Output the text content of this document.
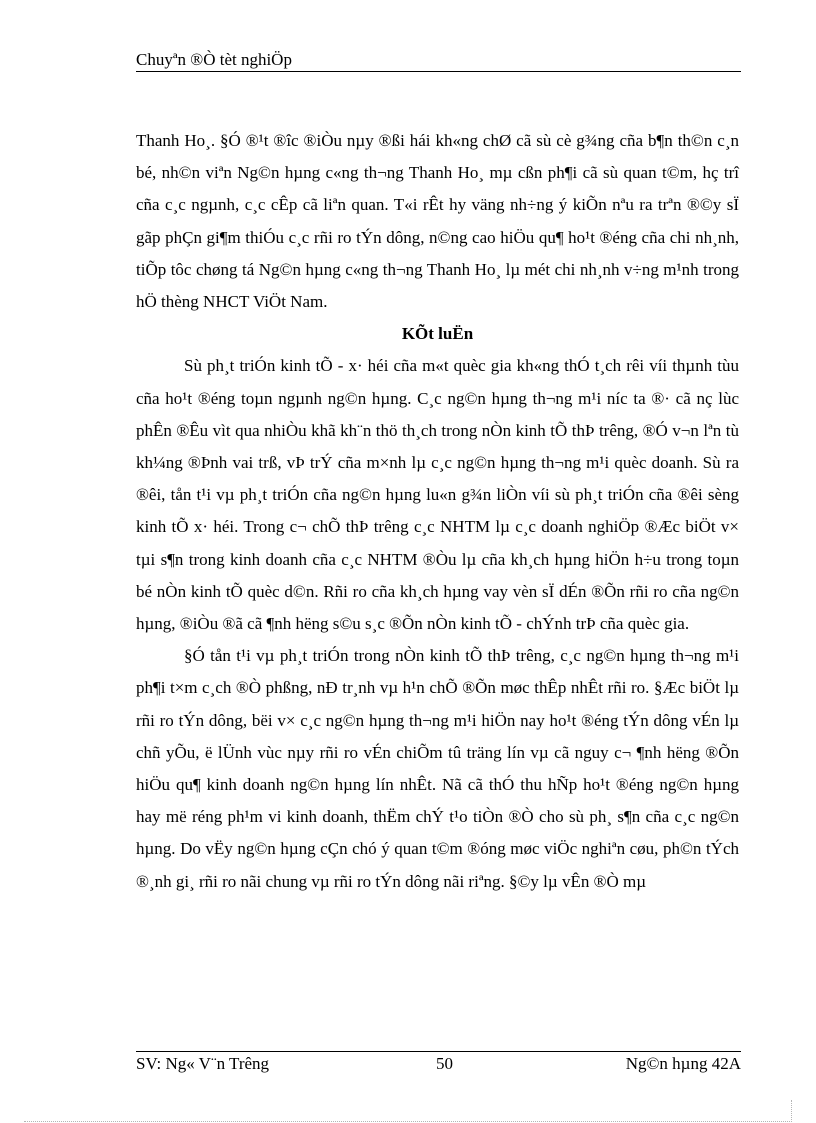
Chuyªn ®Ò tèt nghiÖp

Thanh Ho¸. §Ó ®¹t ®îc ®iÒu nµy ®ßi hái kh«ng chØ cã sù cè g¾ng cña b¶n th©n c¸n bé, nh©n viªn Ng©n hµng c«ng th¬ng Thanh Ho¸ mµ cßn ph¶i cã sù quan t©m, hç trî cña c¸c ngµnh, c¸c cÊp cã liªn quan. T«i rÊt hy väng nh÷ng ý kiÕn nªu ra trªn ®©y sÏ gãp phÇn gi¶m thiÓu c¸c rñi ro tÝn dông, n©ng cao hiÖu qu¶ ho¹t ®éng cña chi nh¸nh, tiÕp tôc chøng tá Ng©n hµng c«ng th¬ng Thanh Ho¸ lµ mét chi nh¸nh v÷ng m¹nh trong hÖ thèng NHCT ViÖt Nam.

KÕt luËn

Sù ph¸t triÓn kinh tÕ - x· héi cña m«t quèc gia kh«ng thÓ t¸ch rêi víi thµnh tùu cña ho¹t ®éng toµn ngµnh ng©n hµng. C¸c ng©n hµng th¬ng m¹i níc ta ®· cã nç lùc phÊn ®Êu vìt qua nhiÒu khã kh¨n thö th¸ch trong nÒn kinh tÕ thÞ trêng, ®Ó v¬n lªn tù kh¼ng ®Þnh vai trß, vÞ trÝ cña m×nh lµ c¸c ng©n hµng th¬ng m¹i quèc doanh. Sù ra ®êi, tån t¹i vµ ph¸t triÓn cña ng©n hµng lu«n g¾n liÒn víi sù ph¸t triÓn cña ®êi sèng kinh tÕ x· héi. Trong c¬ chÕ thÞ trêng c¸c NHTM lµ c¸c doanh nghiÖp ®Æc biÖt v× tµi s¶n trong kinh doanh cña c¸c NHTM ®Òu lµ cña kh¸ch hµng hiÖn h÷u trong toµn bé nÒn kinh tÕ quèc d©n. Rñi ro cña kh¸ch hµng vay vèn sÏ dÉn ®Õn rñi ro cña ng©n hµng, ®iÒu ®ã cã ¶nh hëng s©u s¸c ®Õn nÒn kinh tÕ - chÝnh trÞ cña quèc gia.

§Ó tån t¹i vµ ph¸t triÓn trong nÒn kinh tÕ thÞ trêng, c¸c ng©n hµng th¬ng m¹i ph¶i t×m c¸ch ®Ò phßng, nÐ tr¸nh vµ h¹n chÕ ®Õn møc thÊp nhÊt rñi ro. §Æc biÖt lµ rñi ro tÝn dông, bëi v× c¸c ng©n hµng th¬ng m¹i hiÖn nay ho¹t ®éng tÝn dông vÉn lµ chñ yÕu, ë lÜnh vùc nµy rñi ro vÉn chiÕm tû träng lín vµ cã nguy c¬ ¶nh hëng ®Õn hiÖu qu¶ kinh doanh ng©n hµng lín nhÊt. Nã cã thÓ thu hÑp ho¹t ®éng ng©n hµng hay më réng ph¹m vi kinh doanh, thËm chÝ t¹o tiÒn ®Ò cho sù ph¸ s¶n cña c¸c ng©n hµng. Do vËy ng©n hµng cÇn chó ý quan t©m ®óng møc viÖc nghiªn cøu, ph©n tÝch ®¸nh gi¸ rñi ro nãi chung vµ rñi ro tÝn dông nãi riªng. §©y lµ vÊn ®Ò mµ

SV: Ng« V¨n Trêng	50	Ng©n hµng 42A
